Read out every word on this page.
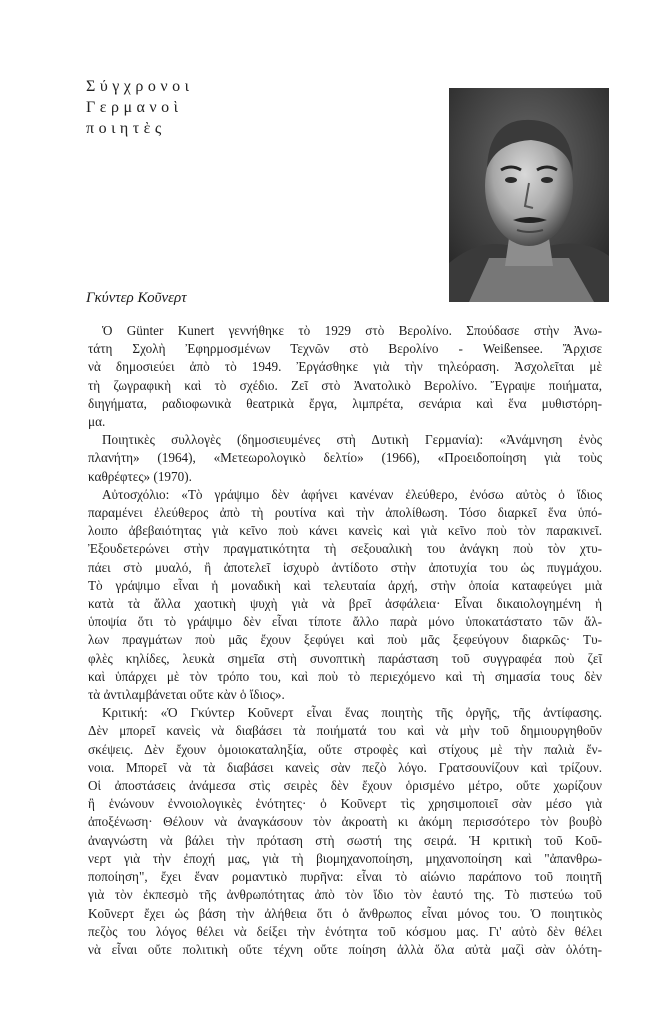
Σύγχρονοι
Γερμανοὶ
ποιητὲς
Γκύντερ Κοῦνερτ

Ὁ Günter Kunert γεννήθηκε τὸ 1929 στὸ Βερολίνο. Σπούδασε στὴν Ἀνω-
τάτη Σχολὴ Ἐφηρμοσμένων Τεχνῶν στὸ Βερολίνο - Weißensee. Ἄρχισε
νὰ δημοσιεύει ἀπὸ τὸ 1949. Ἐργάσθηκε γιὰ τὴν τηλεόραση. Ἀσχολεῖται μὲ
τὴ ζωγραφικὴ καὶ τὸ σχέδιο. Ζεῖ στὸ Ἀνατολικὸ Βερολίνο. Ἔγραψε ποιήματα,
διηγήματα, ραδιοφωνικὰ θεατρικὰ ἔργα, λιμπρέτα, σενάρια καὶ ἕνα μυθιστόρη-
μα.

Ποιητικὲς συλλογὲς (δημοσιευμένες στὴ Δυτικὴ Γερμανία): «Ἀνάμνηση ἑνὸς
πλανήτη» (1964), «Μετεωρολογικὸ δελτίο» (1966), «Προειδοποίηση γιὰ τοὺς
καθρέφτες» (1970).

Αὐτοσχόλιο: «Τὸ γράψιμο δὲν ἀφήνει κανέναν ἐλεύθερο, ἐνόσω αὐτὸς ὁ ἴδιος
παραμένει ἐλεύθερος ἀπὸ τὴ ρουτίνα καὶ τὴν ἀπολίθωση. Τόσο διαρκεῖ ἕνα ὑπό-
λοιπο ἀβεβαιότητας γιὰ κεῖνο ποὺ κάνει κανεὶς καὶ γιὰ κεῖνο ποὺ τὸν παρακινεῖ.
Ἐξουδετερώνει στὴν πραγματικότητα τὴ σεξουαλικὴ του ἀνάγκη ποὺ τὸν χτυ-
πάει στὸ μυαλό, ἢ ἀποτελεῖ ἰσχυρὸ ἀντίδοτο στὴν ἀποτυχία του ὡς πυγμάχου.
Τὸ γράψιμο εἶναι ἡ μοναδικὴ καὶ τελευταία ἀρχή, στὴν ὁποία καταφεύγει μιὰ
κατὰ τὰ ἄλλα χαοτικὴ ψυχὴ γιὰ νὰ βρεῖ ἀσφάλεια· Εἶναι δικαιολογημένη ἡ
ὑποψία ὅτι τὸ γράψιμο δὲν εἶναι τίποτε ἄλλο παρὰ μόνο ὑποκατάστατο τῶν ἄλ-
λων πραγμάτων ποὺ μᾶς ἔχουν ξεφύγει καὶ ποὺ μᾶς ξεφεύγουν διαρκῶς· Τυ-
φλὲς κηλίδες, λευκὰ σημεῖα στὴ συνοπτικὴ παράσταση τοῦ συγγραφέα ποὺ ζεῖ
καὶ ὑπάρχει μὲ τὸν τρόπο του, καὶ ποὺ τὸ περιεχόμενο καὶ τὴ σημασία τους δὲν
τὰ ἀντιλαμβάνεται οὔτε κὰν ὁ ἴδιος».

Κριτική: «Ὁ Γκύντερ Κοῦνερτ εἶναι ἕνας ποιητὴς τῆς ὀργῆς, τῆς ἀντίφασης.
Δὲν μπορεῖ κανεὶς νὰ διαβάσει τὰ ποιήματά του καὶ νὰ μὴν τοῦ δημιουργηθοῦν
σκέψεις. Δὲν ἔχουν ὁμοιοκαταληξία, οὔτε στροφὲς καὶ στίχους μὲ τὴν παλιὰ ἔν-
νοια. Μπορεῖ νὰ τὰ διαβάσει κανεὶς σὰν πεζὸ λόγο. Γρατσουνίζουν καὶ τρίζουν.
Οἱ ἀποστάσεις ἀνάμεσα στὶς σειρὲς δὲν ἔχουν ὁρισμένο μέτρο, οὔτε χωρίζουν
ἢ ἑνώνουν ἐννοιολογικὲς ἑνότητες· ὁ Κοῦνερτ τὶς χρησιμοποιεῖ σὰν μέσο γιὰ
ἀποξένωση· Θέλουν νὰ ἀναγκάσουν τὸν ἀκροατὴ κι ἀκόμη περισσότερο τὸν βουβὸ
ἀναγνώστη νὰ βάλει τὴν πρόταση στὴ σωστή της σειρά. Ἡ κριτικὴ τοῦ Κοῦ-
νερτ γιὰ τὴν ἐποχή μας, γιὰ τὴ βιομηχανοποίηση, μηχανοποίηση καὶ "ἀπανθρω-
ποποίηση", ἔχει ἕναν ρομαντικὸ πυρῆνα: εἶναι τὸ αἰώνιο παράπονο τοῦ ποιητῆ
γιὰ τὸν ἐκπεσμὸ τῆς ἀνθρωπότητας ἀπὸ τὸν ἴδιο τὸν ἑαυτό της. Τὸ πιστεύω τοῦ
Κοῦνερτ ἔχει ὡς βάση τὴν ἀλήθεια ὅτι ὁ ἄνθρωπος εἶναι μόνος του. Ὁ ποιητικὸς
πεζὸς του λόγος θέλει νὰ δείξει τὴν ἑνότητα τοῦ κόσμου μας. Γι' αὐτὸ δὲν θέλει
νὰ εἶναι οὔτε πολιτικὴ οὔτε τέχνη οὔτε ποίηση ἀλλὰ ὅλα αὐτὰ μαζὶ σὰν ὁλότη-
